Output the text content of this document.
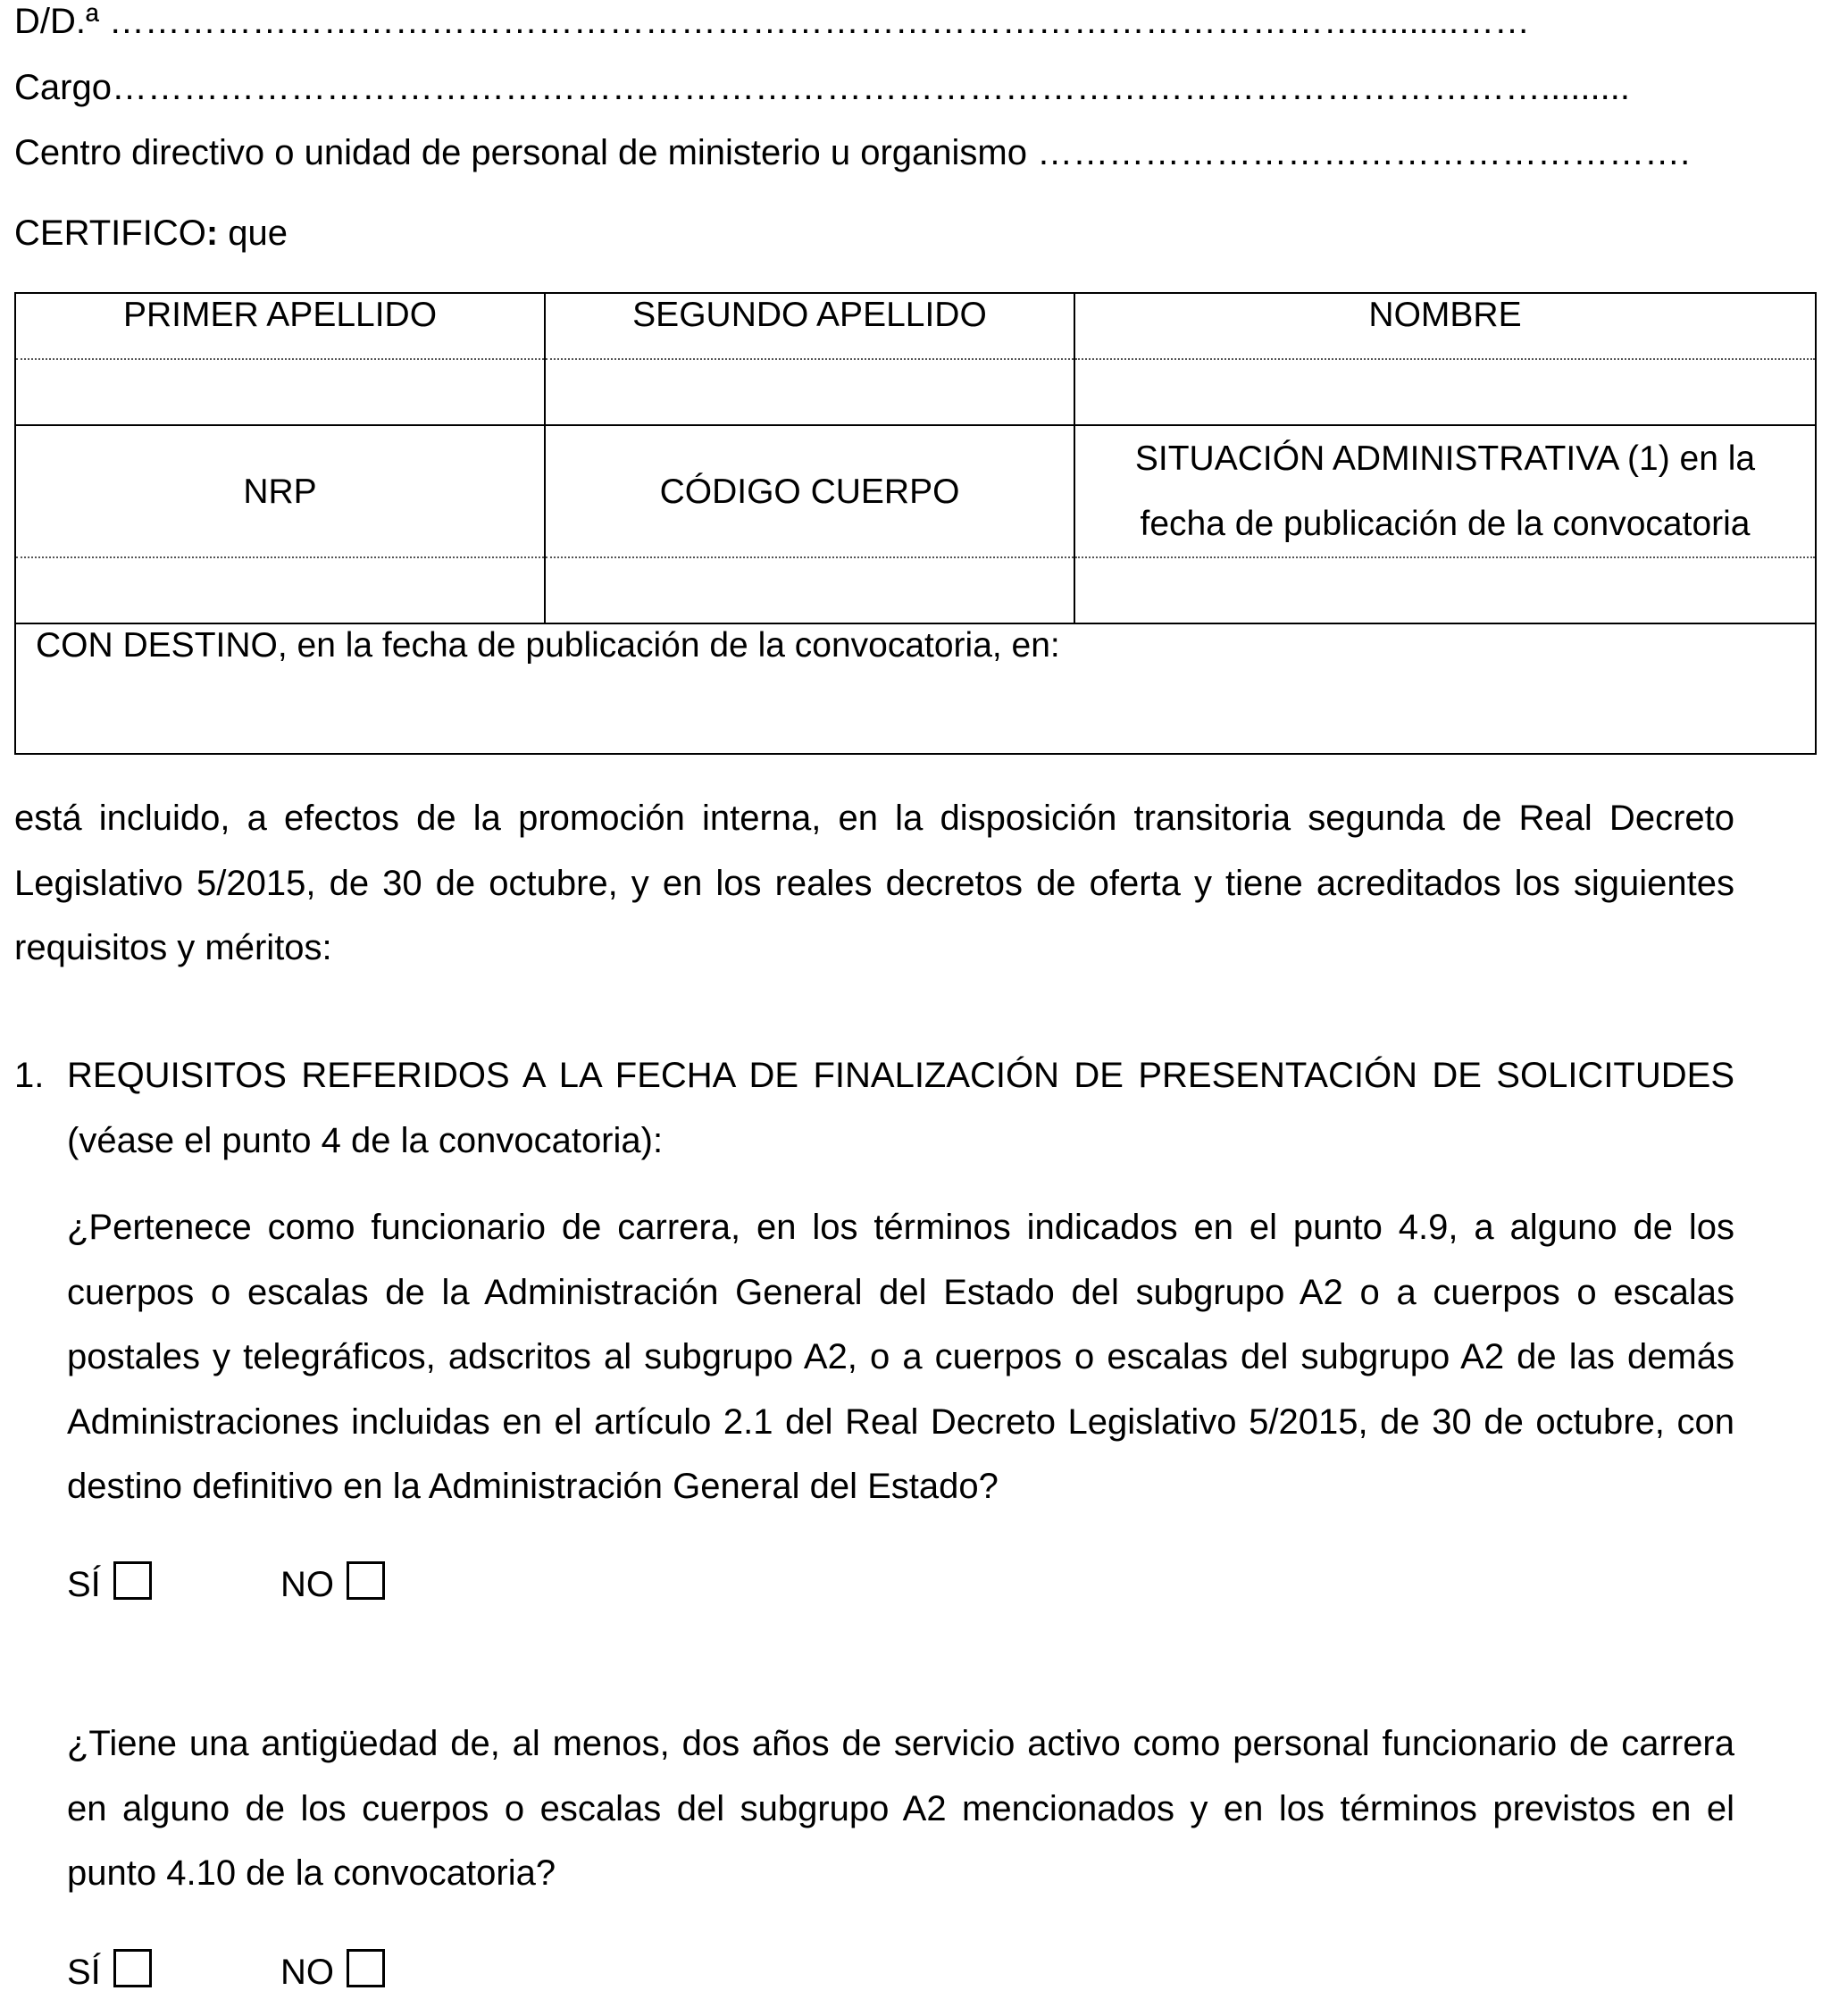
D/D.ª ……………………………………………………………………………………………..........……
Cargo………………………………………………………………………………………………………….........
Centro directivo o unidad de personal de ministerio u organismo ……………………………………………….
CERTIFICO: que
PRIMER APELLIDO	SEGUNDO APELLIDO	NOMBRE

NRP	CÓDIGO CUERPO	SITUACIÓN ADMINISTRATIVA (1) en la
fecha de publicación de la convocatoria

CON DESTINO, en la fecha de publicación de la convocatoria, en:		
está incluido, a efectos de la promoción interna, en la disposición transitoria segunda de Real Decreto Legislativo 5/2015, de 30 de octubre, y en los reales decretos de oferta y tiene acreditados los siguientes requisitos y méritos:
1. REQUISITOS REFERIDOS A LA FECHA DE FINALIZACIÓN DE PRESENTACIÓN DE SOLICITUDES (véase el punto 4 de la convocatoria):
¿Pertenece como funcionario de carrera, en los términos indicados en el punto 4.9, a alguno de los cuerpos o escalas de la Administración General del Estado del subgrupo A2 o a cuerpos o escalas postales y telegráficos, adscritos al subgrupo A2, o a cuerpos o escalas del subgrupo A2 de las demás Administraciones incluidas en el artículo 2.1 del Real Decreto Legislativo 5/2015, de 30 de octubre, con destino definitivo en la Administración General del Estado?
SÍ	NO
¿Tiene una antigüedad de, al menos, dos años de servicio activo como personal funcionario de carrera en alguno de los cuerpos o escalas del subgrupo A2 mencionados y en los términos previstos en el punto 4.10 de la convocatoria?
SÍ	NO
